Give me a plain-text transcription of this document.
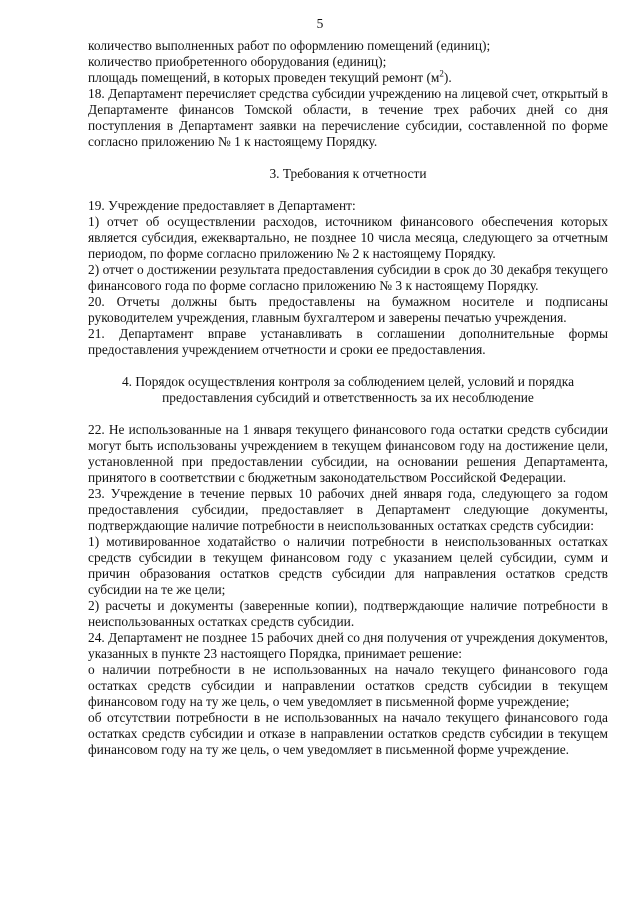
5

количество выполненных работ по оформлению помещений (единиц);

количество приобретенного оборудования (единиц);

площадь помещений, в которых проведен текущий ремонт $(м^2)$.

18. Департамент перечисляет средства субсидии учреждению на лицевой счет, открытый в Департаменте финансов Томской области, в течение трех рабочих дней со дня поступления в Департамент заявки на перечисление субсидии, составленной по форме согласно приложению № 1 к настоящему Порядку.

3. Требования к отчетности

19. Учреждение предоставляет в Департамент:

1) отчет об осуществлении расходов, источником финансового обеспечения которых является субсидия, ежеквартально, не позднее 10 числа месяца, следующего за отчетным периодом, по форме согласно приложению № 2 к настоящему Порядку.

2) отчет о достижении результата предоставления субсидии в срок до 30 декабря текущего финансового года по форме согласно приложению № 3 к настоящему Порядку.

20. Отчеты должны быть предоставлены на бумажном носителе и подписаны руководителем учреждения, главным бухгалтером и заверены печатью учреждения.

21. Департамент вправе устанавливать в соглашении дополнительные формы предоставления учреждением отчетности и сроки ее предоставления.

4. Порядок осуществления контроля за соблюдением целей, условий и порядка

предоставления субсидий и ответственность за их несоблюдение

22. Не использованные на 1 января текущего финансового года остатки средств субсидии могут быть использованы учреждением в текущем финансовом году на достижение цели, установленной при предоставлении субсидии, на основании решения Департамента, принятого в соответствии с бюджетным законодательством Российской Федерации.

23. Учреждение в течение первых 10 рабочих дней января года, следующего за годом предоставления субсидии, предоставляет в Департамент следующие документы, подтверждающие наличие потребности в неиспользованных остатках средств субсидии:

1) мотивированное ходатайство о наличии потребности в неиспользованных остатках средств субсидии в текущем финансовом году с указанием целей субсидии, сумм и причин образования остатков средств субсидии для направления остатков средств субсидии на те же цели;

2) расчеты и документы (заверенные копии), подтверждающие наличие потребности в неиспользованных остатках средств субсидии.

24. Департамент не позднее 15 рабочих дней со дня получения от учреждения документов, указанных в пункте 23 настоящего Порядка, принимает решение:

о наличии потребности в не использованных на начало текущего финансового года остатках средств субсидии и направлении остатков средств субсидии в текущем финансовом году на ту же цель, о чем уведомляет в письменной форме учреждение;

об отсутствии потребности в не использованных на начало текущего финансового года остатках средств субсидии и отказе в направлении остатков средств субсидии в текущем финансовом году на ту же цель, о чем уведомляет в письменной форме учреждение.
